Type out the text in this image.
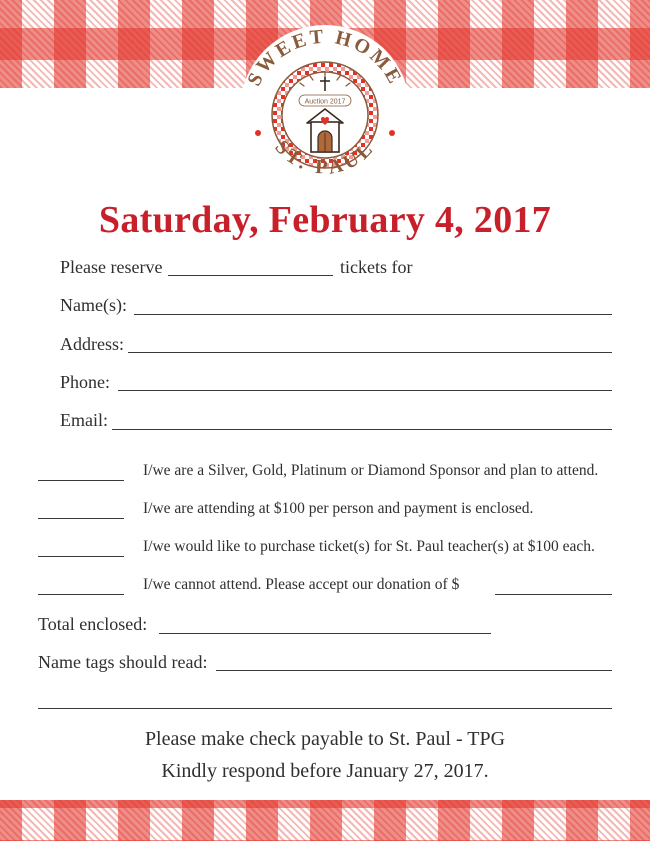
SWEET HOME
ST. PAUL
Auction 2017
Saturday, February 4, 2017
Please reserve	tickets for
Name(s):
Address:
Phone:
Email:
I/we are a Silver, Gold, Platinum or Diamond Sponsor and plan to attend.
I/we are attending at $100 per person and payment is enclosed.
I/we would like to purchase ticket(s) for St. Paul teacher(s) at $100 each.
I/we cannot attend. Please accept our donation of $
Total enclosed:
Name tags should read:
Please make check payable to St. Paul - TPG
Kindly respond before January 27, 2017.
